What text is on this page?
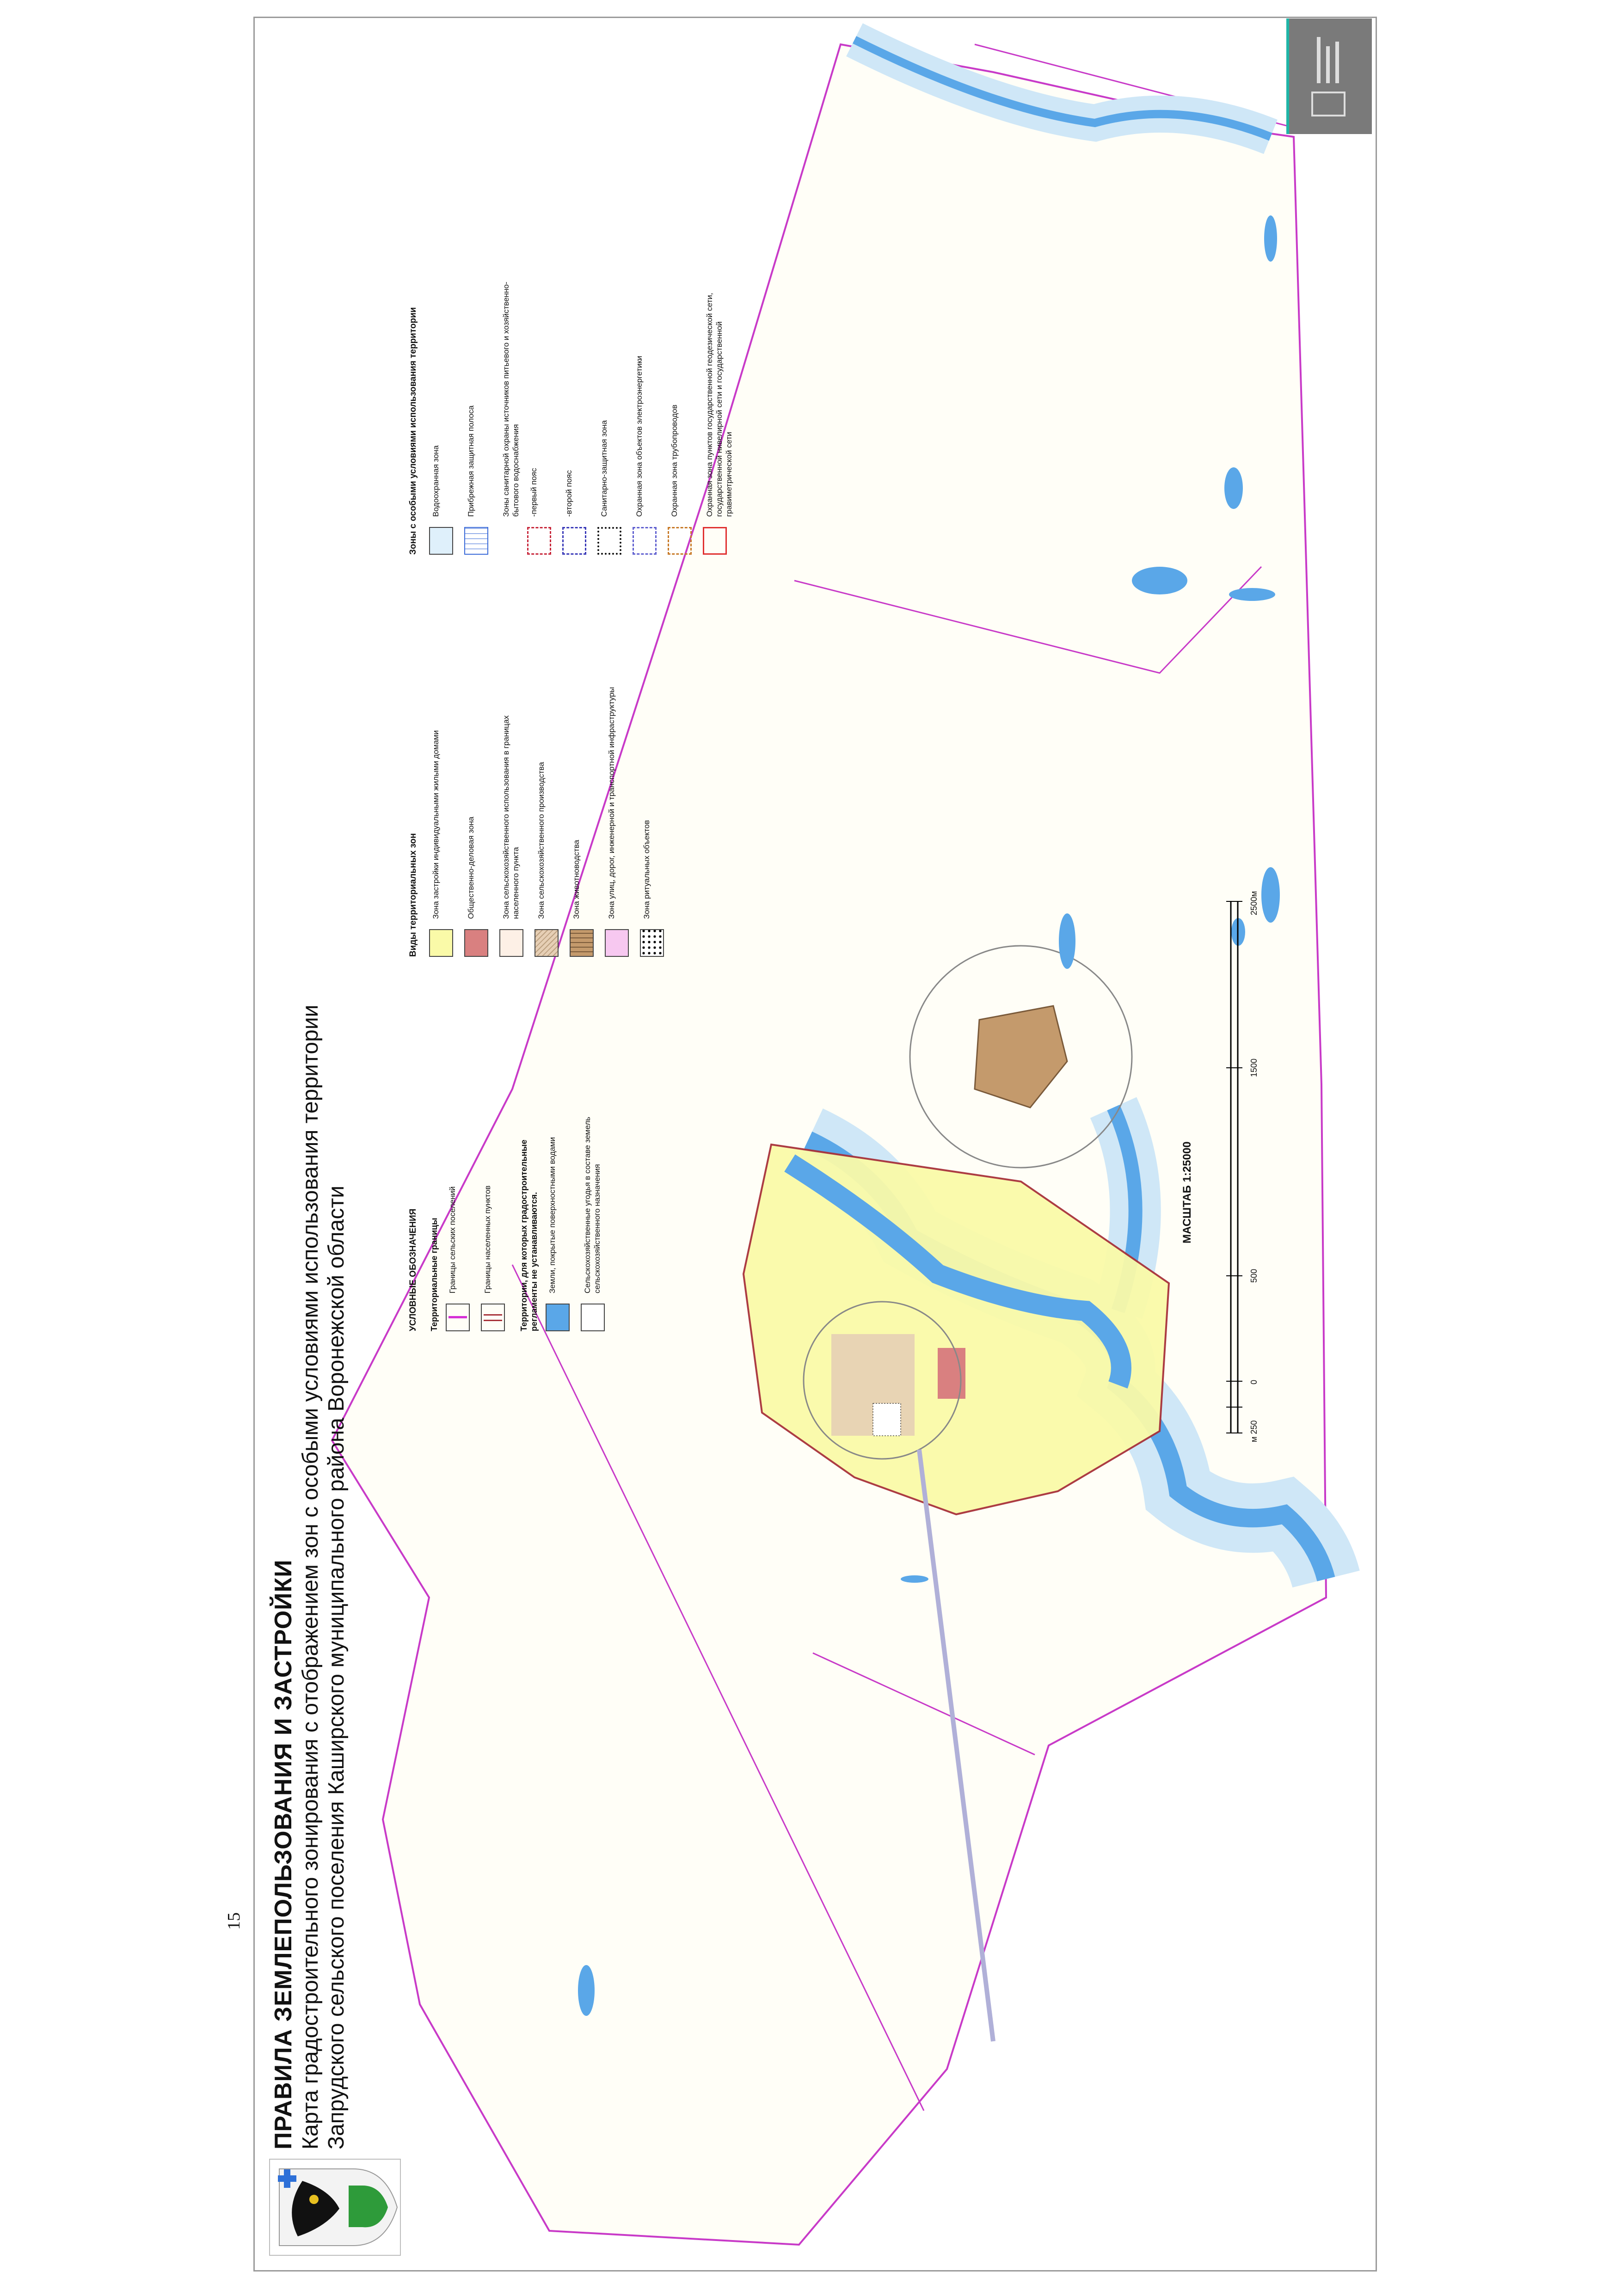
15 ПРАВИЛА ЗЕМЛЕПОЛЬЗОВАНИЯ И ЗАСТРОЙКИ Карта градостроительного зонирования с отображением зон с особыми условиями использования территории Запрудского сельского поселения Каширского муниципального района Воронежской области	УСЛОВНЫЕ ОБОЗНАЧЕНИЯ Территориальные границы Границы сельских поселений	Границы населенных пунктов	Территории, для которых градостроительные регламенты не устанавливаются. Земли, покрытые поверхностными водами	Сельскохозяйственные угодья в составе земель сельскохозяйственного назначения
Виды территориальных зон Зона застройки индивидуальными жилыми домами	Общественно-деловая зона	Зона сельскохозяйственного использования в границах населенного пункта Зона сельскохозяйственного производства	Зона животноводства	Зона улиц, дорог, инженерной и транспортной инфраструктуры	Зона ритуальных объектов
Зоны с особыми условиями использования территории Водоохранная зона	Прибрежная защитная полоса	Зоны санитарной охраны источников питьевого и хозяйственно-бытового водоснабжения -первый пояс	-второй пояс	Санитарно-защитная зона	Охранная зона объектов электроэнергетики	Охранная зона трубопроводов	Охранная зона пунктов государственной геодезической сети, государственной нивелирной сети и государственной гравиметрической сети
МАСШТАБ 1:25000
м 250
0
500
1500
2500м
